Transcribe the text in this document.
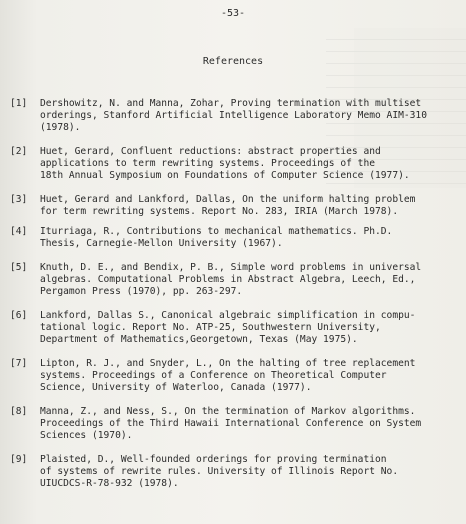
-53-
References
[1]	Dershowitz, N. and Manna, Zohar, Proving termination with multiset
orderings, Stanford Artificial Intelligence Laboratory Memo AIM-310
(1978).
[2]	Huet, Gerard, Confluent reductions: abstract properties and
applications to term rewriting systems. Proceedings of the
18th Annual Symposium on Foundations of Computer Science (1977).
[3]	Huet, Gerard and Lankford, Dallas, On the uniform halting problem
for term rewriting systems. Report No. 283, IRIA (March 1978).
[4]	Iturriaga, R., Contributions to mechanical mathematics. Ph.D.
Thesis, Carnegie-Mellon University (1967).
[5]	Knuth, D. E., and Bendix, P. B., Simple word problems in universal
algebras. Computational Problems in Abstract Algebra, Leech, Ed.,
Pergamon Press (1970), pp. 263-297.
[6]	Lankford, Dallas S., Canonical algebraic simplification in compu-
tational logic. Report No. ATP-25, Southwestern University,
Department of Mathematics,Georgetown, Texas (May 1975).
[7]	Lipton, R. J., and Snyder, L., On the halting of tree replacement
systems. Proceedings of a Conference on Theoretical Computer
Science, University of Waterloo, Canada (1977).
[8]	Manna, Z., and Ness, S., On the termination of Markov algorithms.
Proceedings of the Third Hawaii International Conference on System
Sciences (1970).
[9]	Plaisted, D., Well-founded orderings for proving termination
of systems of rewrite rules. University of Illinois Report No.
UIUCDCS-R-78-932 (1978).
